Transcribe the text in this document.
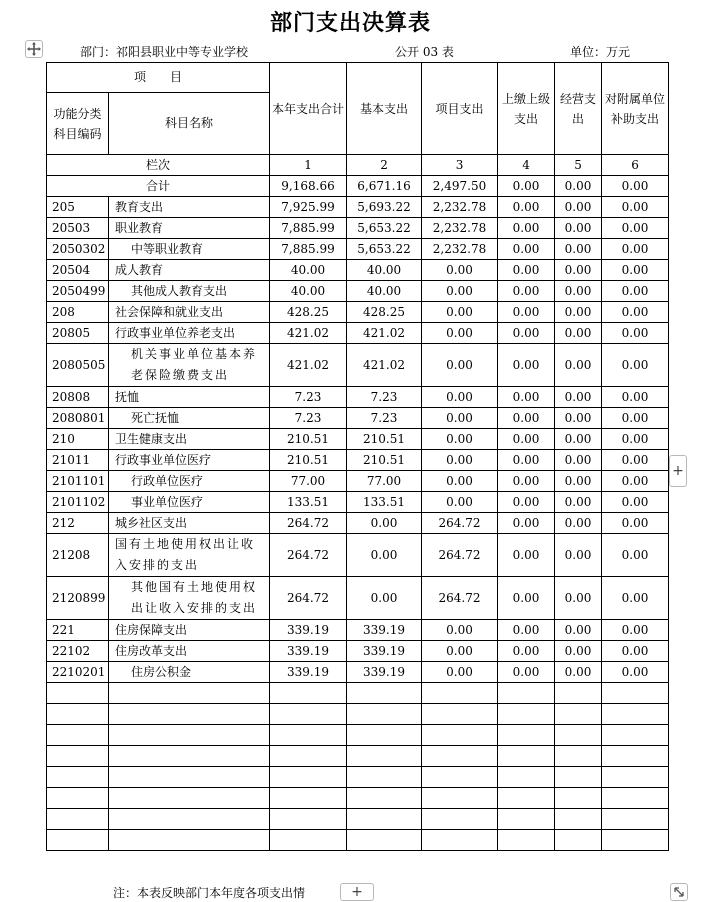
部门支出决算表
部门：祁阳县职业中等专业学校	公开 03 表	单位：万元
项　　目		本年支出合计	基本支出	项目支出	上缴上级支出	经营支出	对附属单位补助支出
功能分类科目编码	科目名称						
栏次		1	2	3	4	5	6
合计		9,168.66	6,671.16	2,497.50	0.00	0.00	0.00
205	教育支出	7,925.99	5,693.22	2,232.78	0.00	0.00	0.00
20503	职业教育	7,885.99	5,653.22	2,232.78	0.00	0.00	0.00
2050302	中等职业教育	7,885.99	5,653.22	2,232.78	0.00	0.00	0.00
20504	成人教育	40.00	40.00	0.00	0.00	0.00	0.00
2050499	其他成人教育支出	40.00	40.00	0.00	0.00	0.00	0.00
208	社会保障和就业支出	428.25	428.25	0.00	0.00	0.00	0.00
20805	行政事业单位养老支出	421.02	421.02	0.00	0.00	0.00	0.00
2080505	机关事业单位基本养老保险缴费支出	421.02	421.02	0.00	0.00	0.00	0.00
20808	抚恤	7.23	7.23	0.00	0.00	0.00	0.00
2080801	死亡抚恤	7.23	7.23	0.00	0.00	0.00	0.00
210	卫生健康支出	210.51	210.51	0.00	0.00	0.00	0.00
21011	行政事业单位医疗	210.51	210.51	0.00	0.00	0.00	0.00
2101101	行政单位医疗	77.00	77.00	0.00	0.00	0.00	0.00
2101102	事业单位医疗	133.51	133.51	0.00	0.00	0.00	0.00
212	城乡社区支出	264.72	0.00	264.72	0.00	0.00	0.00
21208	国有土地使用权出让收入安排的支出	264.72	0.00	264.72	0.00	0.00	0.00
2120899	其他国有土地使用权出让收入安排的支出	264.72	0.00	264.72	0.00	0.00	0.00
221	住房保障支出	339.19	339.19	0.00	0.00	0.00	0.00
22102	住房改革支出	339.19	339.19	0.00	0.00	0.00	0.00
2210201	住房公积金	339.19	339.19	0.00	0.00	0.00	0.00

+
注：本表反映部门本年度各项支出情	+
